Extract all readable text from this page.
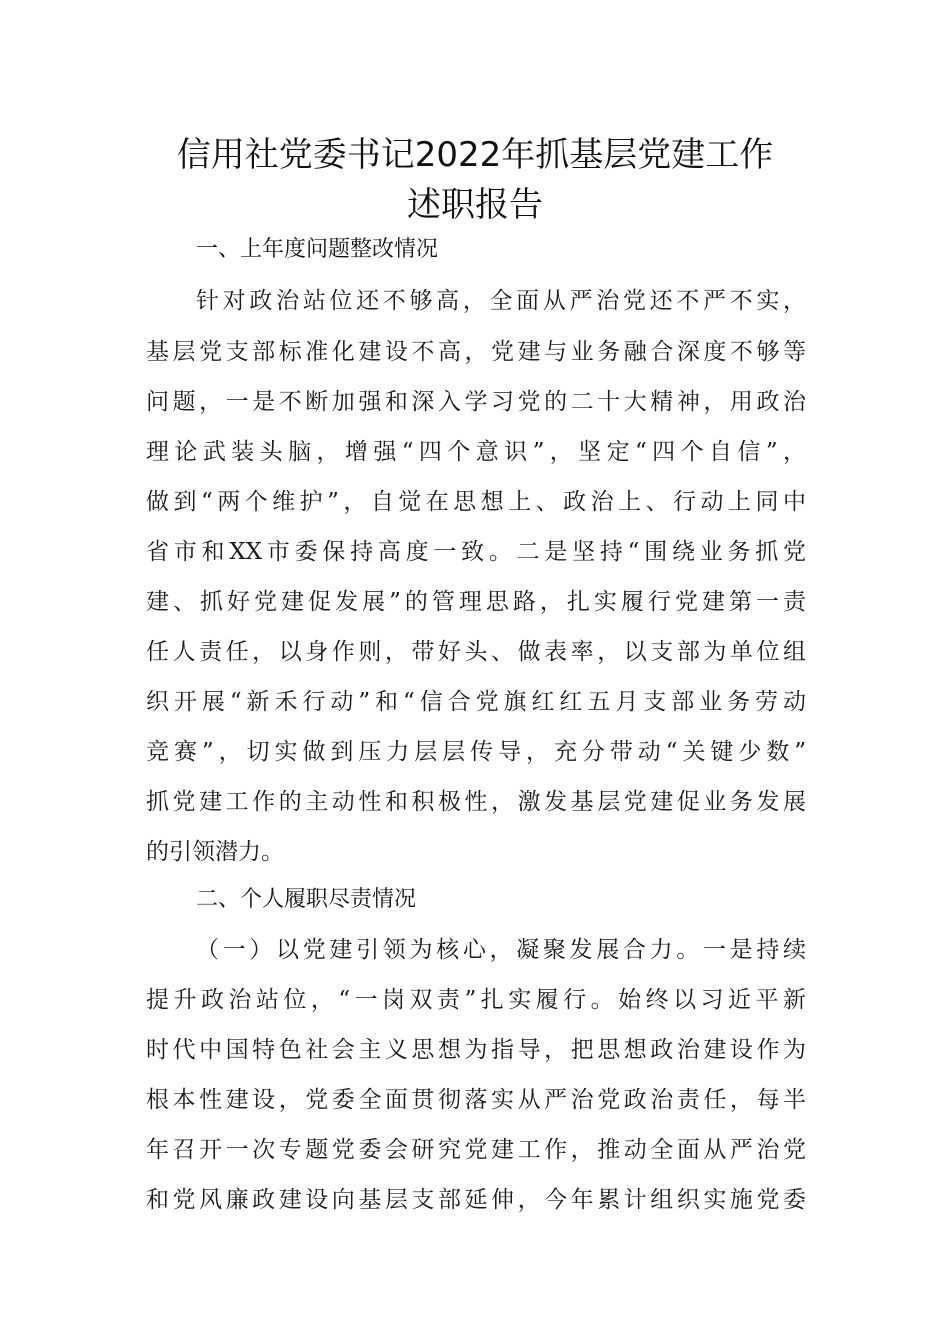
信用社党委书记2022年抓基层党建工作
述职报告
一、上年度问题整改情况
针对政治站位还不够高，全面从严治党还不严不实，
基层党支部标准化建设不高，党建与业务融合深度不够等
问题，一是不断加强和深入学习党的二十大精神，用政治
理论武装头脑，增强“四个意识”，坚定“四个自信”，
做到“两个维护”，自觉在思想上、政治上、行动上同中
省市和XX市委保持高度一致。二是坚持“围绕业务抓党
建、抓好党建促发展”的管理思路，扎实履行党建第一责
任人责任，以身作则，带好头、做表率，以支部为单位组
织开展“新禾行动”和“信合党旗红红五月支部业务劳动
竞赛”，切实做到压力层层传导，充分带动“关键少数”
抓党建工作的主动性和积极性，激发基层党建促业务发展
的引领潜力。
二、个人履职尽责情况
（一）以党建引领为核心，凝聚发展合力。一是持续
提升政治站位，“一岗双责”扎实履行。始终以习近平新
时代中国特色社会主义思想为指导，把思想政治建设作为
根本性建设，党委全面贯彻落实从严治党政治责任，每半
年召开一次专题党委会研究党建工作，推动全面从严治党
和党风廉政建设向基层支部延伸，今年累计组织实施党委
